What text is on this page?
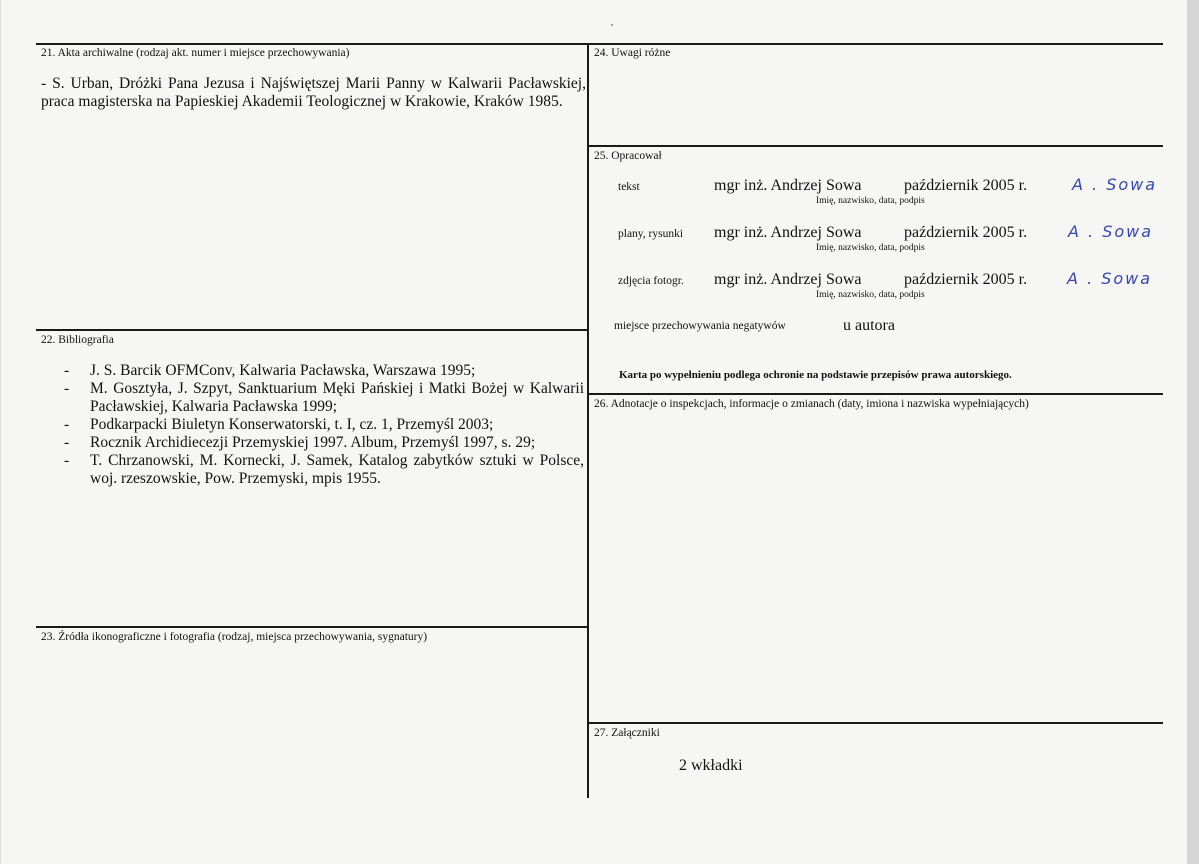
21. Akta archiwalne (rodzaj akt. numer i miejsce przechowywania)
- S. Urban, Dróżki Pana Jezusa i Najświętszej Marii Panny w Kalwarii Pacławskiej, praca magisterska na Papieskiej Akademii Teologicznej w Krakowie, Kraków 1985.
22. Bibliografia
- J. S. Barcik OFMConv, Kalwaria Pacławska, Warszawa 1995;
- M. Gosztyła, J. Szpyt, Sanktuarium Męki Pańskiej i Matki Bożej w Kalwarii Pacławskiej, Kalwaria Pacławska 1999;
- Podkarpacki Biuletyn Konserwatorski, t. I, cz. 1, Przemyśl 2003;
- Rocznik Archidiecezji Przemyskiej 1997. Album, Przemyśl 1997, s. 29;
- T. Chrzanowski, M. Kornecki, J. Samek, Katalog zabytków sztuki w Polsce, woj. rzeszowskie, Pow. Przemyski, mpis 1955.
23. Źródła ikonograficzne i fotografia (rodzaj, miejsca przechowywania, sygnatury)
24. Uwagi różne
25. Opracował
tekst	mgr inż. Andrzej Sowa	październik 2005 r.	A . Sowa
Imię, nazwisko, data, podpis
plany, rysunki mgr inż. Andrzej Sowa	październik 2005 r.	A . Sowa
Imię, nazwisko, data, podpis
zdjęcia fotogr. mgr inż. Andrzej Sowa	październik 2005 r. A . Sowa
Imię, nazwisko, data, podpis
miejsce przechowywania negatywów	u autora
Karta po wypełnieniu podlega ochronie na podstawie przepisów prawa autorskiego.
26. Adnotacje o inspekcjach, informacje o zmianach (daty, imiona i nazwiska wypełniających)
27. Załączniki
2 wkładki
